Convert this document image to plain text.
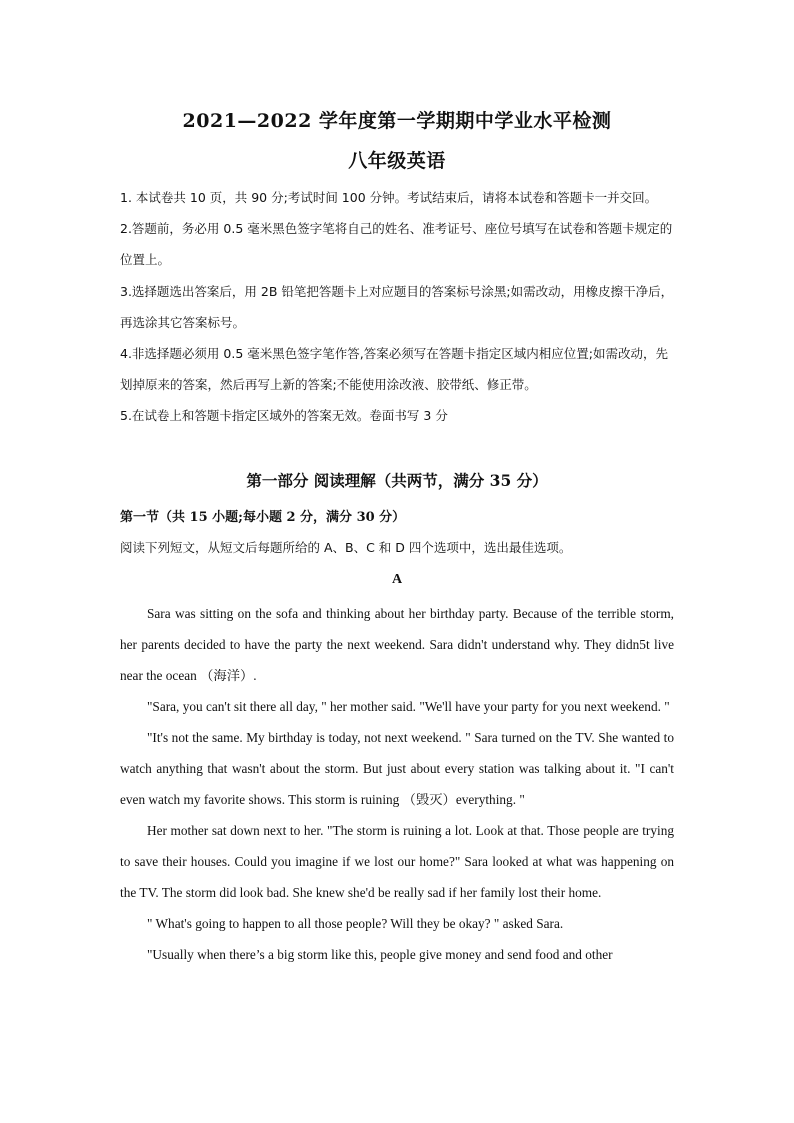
2021—2022 学年度第一学期期中学业水平检测
八年级英语

1. 本试卷共 10 页，共 90 分;考试时间 100 分钟。考试结束后，请将本试卷和答题卡一并交回。

2.答题前，务必用 0.5 毫米黑色签字笔将自己的姓名、准考证号、座位号填写在试卷和答题卡规定的位置上。

3.选择题选出答案后，用 2B 铅笔把答题卡上对应题目的答案标号涂黑;如需改动，用橡皮擦干净后，再选涂其它答案标号。

4.非选择题必须用 0.5 毫米黑色签字笔作答,答案必须写在答题卡指定区域内相应位置;如需改动，先划掉原来的答案，然后再写上新的答案;不能使用涂改液、胶带纸、修正带。

5.在试卷上和答题卡指定区域外的答案无效。卷面书写 3 分

第一部分 阅读理解（共两节，满分 35 分）
第一节（共 15 小题;每小题 2 分，满分 30 分）
阅读下列短文，从短文后每题所给的 A、B、C 和 D 四个选项中，选出最佳选项。
A

Sara was sitting on the sofa and thinking about her birthday party. Because of the terrible storm, her parents decided to have the party the next weekend. Sara didn't understand why. They didn5t live near the ocean （海洋）.

"Sara, you can't sit there all day, " her mother said. "We'll have your party for you next weekend. "

"It's not the same. My birthday is today, not next weekend. " Sara turned on the TV. She wanted to watch anything that wasn't about the storm. But just about every station was talking about it. "I can't even watch my favorite shows. This storm is ruining （毁灭）everything. "

Her mother sat down next to her. "The storm is ruining a lot. Look at that. Those people are trying to save their houses. Could you imagine if we lost our home?" Sara looked at what was happening on the TV. The storm did look bad. She knew she'd be really sad if her family lost their home.

" What's going to happen to all those people? Will they be okay? " asked Sara.

"Usually when there’s a big storm like this, people give money and send food and other
